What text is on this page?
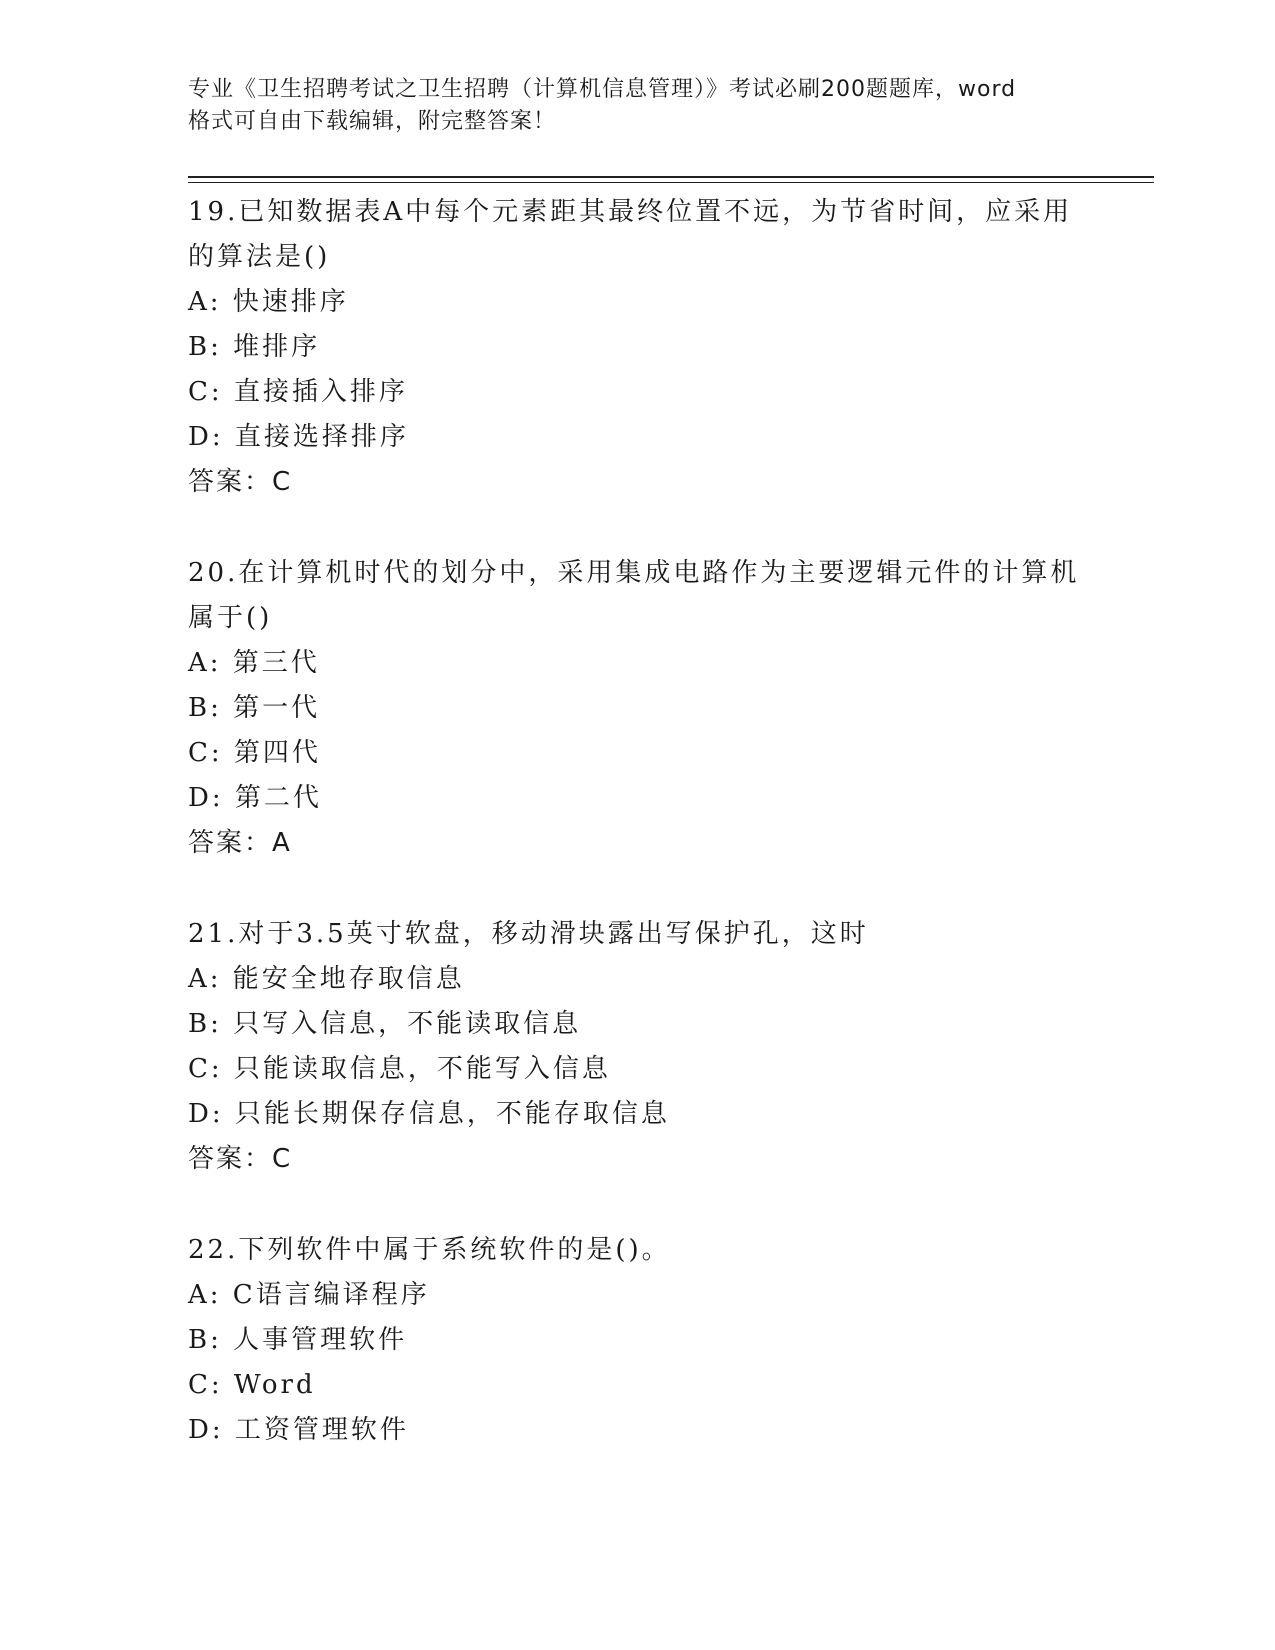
专业《卫生招聘考试之卫生招聘（计算机信息管理）》考试必刷200题题库，word
格式可自由下载编辑，附完整答案！

19.已知数据表A中每个元素距其最终位置不远，为节省时间，应采用的算法是()

A: 快速排序

B: 堆排序

C: 直接插入排序

D: 直接选择排序

答案：C

20.在计算机时代的划分中，采用集成电路作为主要逻辑元件的计算机属于()

A: 第三代

B: 第一代

C: 第四代

D: 第二代

答案：A

21.对于3.5英寸软盘，移动滑块露出写保护孔，这时

A: 能安全地存取信息

B: 只写入信息，不能读取信息

C: 只能读取信息，不能写入信息

D: 只能长期保存信息，不能存取信息

答案：C

22.下列软件中属于系统软件的是()。

A: C语言编译程序

B: 人事管理软件

C: Word

D: 工资管理软件
